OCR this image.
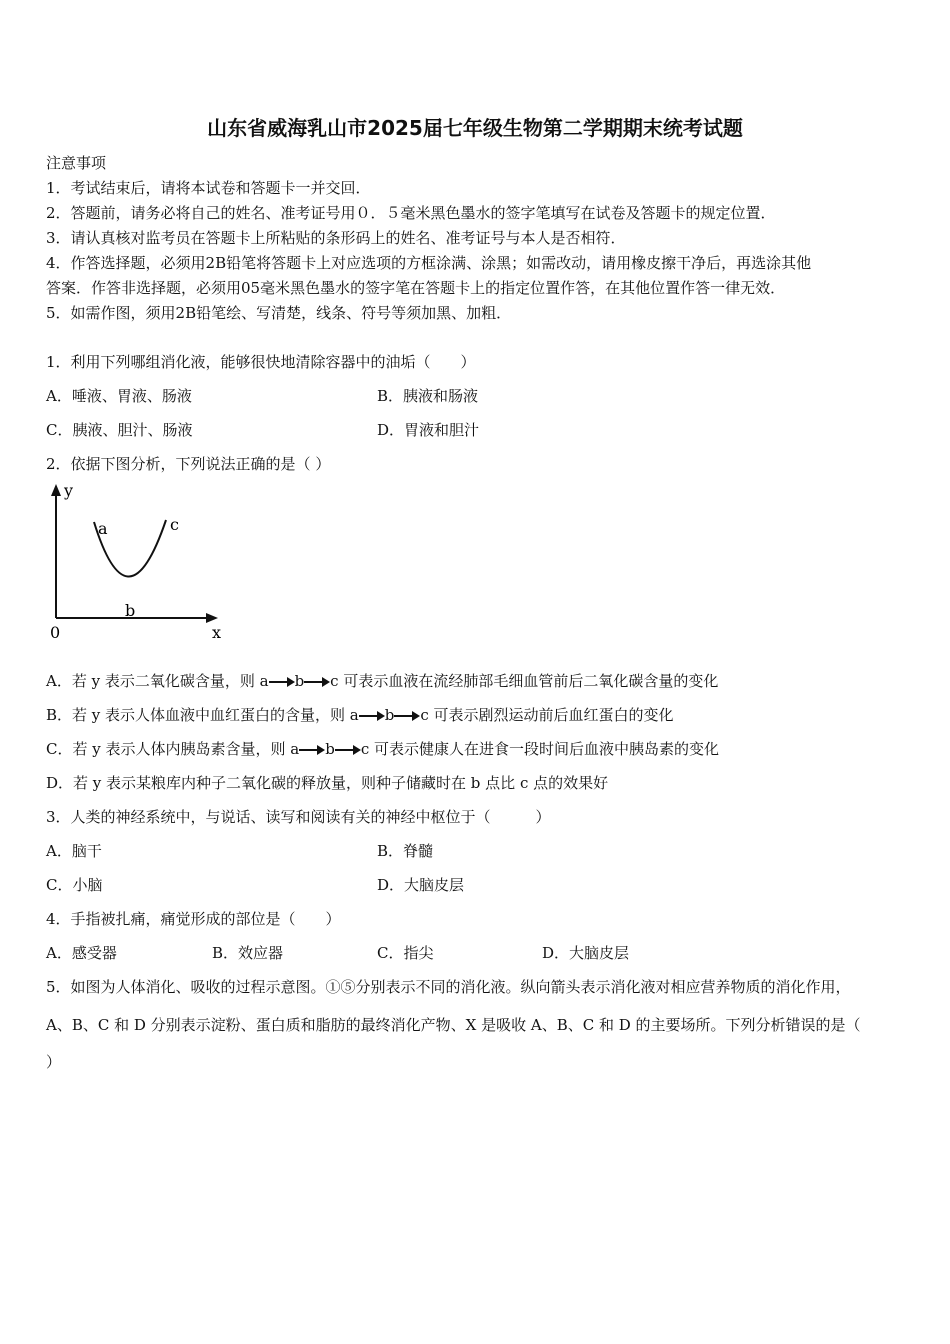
山东省威海乳山市2025届七年级生物第二学期期末统考试题
注意事项
1．考试结束后，请将本试卷和答题卡一并交回．
2．答题前，请务必将自己的姓名、准考证号用０．５毫米黑色墨水的签字笔填写在试卷及答题卡的规定位置．
3．请认真核对监考员在答题卡上所粘贴的条形码上的姓名、准考证号与本人是否相符．
4．作答选择题，必须用2B铅笔将答题卡上对应选项的方框涂满、涂黑；如需改动，请用橡皮擦干净后，再选涂其他
答案．作答非选择题，必须用05毫米黑色墨水的签字笔在答题卡上的指定位置作答，在其他位置作答一律无效．
5．如需作图，须用2B铅笔绘、写清楚，线条、符号等须加黑、加粗．
1．利用下列哪组消化液，能够很快地清除容器中的油垢（　　）
A．唾液、胃液、肠液	B．胰液和肠液
C．胰液、胆汁、肠液	D．胃液和胆汁
2．依据下图分析，下列说法正确的是（ ）
y
x
0
a
b
c
A．若 y 表示二氧化碳含量，则 a b c 可表示血液在流经肺部毛细血管前后二氧化碳含量的变化
B．若 y 表示人体血液中血红蛋白的含量，则 a b c 可表示剧烈运动前后血红蛋白的变化
C．若 y 表示人体内胰岛素含量，则 a b c 可表示健康人在进食一段时间后血液中胰岛素的变化
D．若 y 表示某粮库内种子二氧化碳的释放量，则种子储藏时在 b 点比 c 点的效果好
3．人类的神经系统中，与说话、读写和阅读有关的神经中枢位于（　　　）
A．脑干	B．脊髓
C．小脑	D．大脑皮层
4．手指被扎痛，痛觉形成的部位是（　　）
A．感受器	B．效应器	C．指尖	D．大脑皮层
5．如图为人体消化、吸收的过程示意图。①⑤分别表示不同的消化液。纵向箭头表示消化液对相应营养物质的消化作用，
A、B、C 和 D 分别表示淀粉、蛋白质和脂肪的最终消化产物、X 是吸收 A、B、C 和 D 的主要场所。下列分析错误的是（
）
